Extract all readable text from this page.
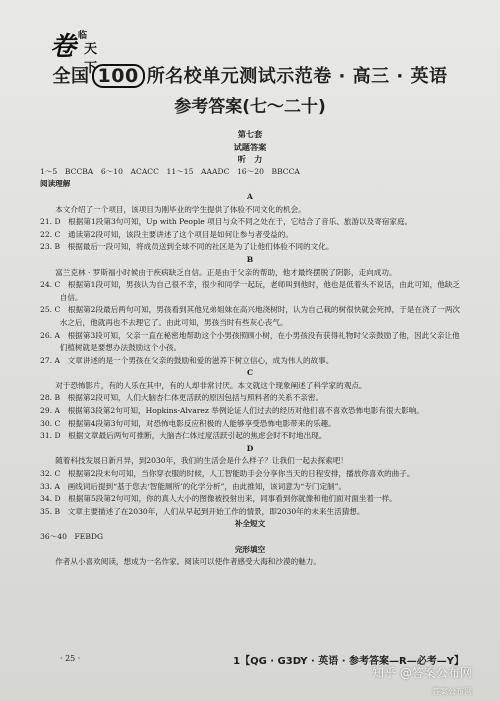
卷 临
天下
全国 100 所名校单元测试示范卷 · 高三 · 英语
参考答案(七～二十)
第七套
试题答案
听　力
1～5　BCCBA　6～10　ACACC　11～15　AAADC　16～20　BBCCA
阅读理解
A

本文介绍了一个项目，该项目为刚毕业的学生提供了体验不同文化的机会。

21. D　根据第1段第3句可知，Up with People 项目与众不同之处在于，它结合了音乐、旅游以及寄宿家庭。

22. C　通读第2段可知，该段主要讲述了这个项目是如何让参与者受益的。

23. B　根据最后一段可知，将成员送到全球不同的社区是为了让他们体验不同的文化。

B

富兰克林 · 罗斯福小时候由于疾病缺乏自信。正是由于父亲的帮助，他才最终摆脱了阴影，走向成功。

24. C　根据第1段可知，男孩认为自己很不幸，很少和同学一起玩，老师叫到他时，他也是低着头不说话，由此可知，他缺乏自信。

25. C　根据第2段最后两句可知，男孩看到其他兄弟姐妹在高兴地浇树时，认为自己栽的树很快就会死掉，于是在浇了一两次水之后，他就再也不去理它了。由此可知，男孩当时有些灰心丧气。

26. A　根据第3段可知，父亲一直在秘密地帮助这个小男孩照顾小树，在小男孩没有获得礼物时父亲鼓励了他，因此父亲让他们植树就是要想办法鼓励这个小孩。

27. A　文章讲述的是一个男孩在父亲的鼓励和爱的滋养下树立信心，成为伟人的故事。

C

对于恐怖影片，有的人乐在其中，有的人却非常讨厌。本文就这个现象阐述了科学家的观点。

28. B　根据第2段可知，人们大脑杏仁体更活跃的原因包括与照料者的关系不亲密。

29. A　根据第3段第2句可知，Hopkins-Alvarez 举例论证人们过去的经历对他们喜不喜欢恐怖电影有很大影响。

30. C　根据第4段第3句可知，对恐怖电影反应积极的人能够享受恐怖电影带来的乐趣。

31. D　根据文章最后两句可推断，大脑杏仁体过度活跃引起的焦虑会时不时地出现。

D

随着科技发展日新月异，到2030年，我们的生活会是什么样子？让我们一起去探索吧！

32. C　根据第2段末句可知，当你穿衣服的时候，人工智能助手会分享你当天的日程安排，播放你喜欢的曲子。

33. A　画线词后提到“基于您去‘智能厕所’的化学分析”，由此推知，该词意为“专门定制”。

34. D　根据第5段第2句可知，你的真人大小的图像被投射出来，同事看到你就像和他们面对面坐着一样。

35. B　文章主要描述了在2030年，人们从早起到开始工作的情景，即2030年的未来生活猜想。

补全短文
36～40　FEBDG
完形填空

作者从小喜欢阅读，想成为一名作家。阅读可以使作者感受大海和沙漠的魅力。

· 25 ·	1【QG · G3DY · 英语 · 参考答案—R—必考—Y】
知乎 @答案公布网
答案公布网
